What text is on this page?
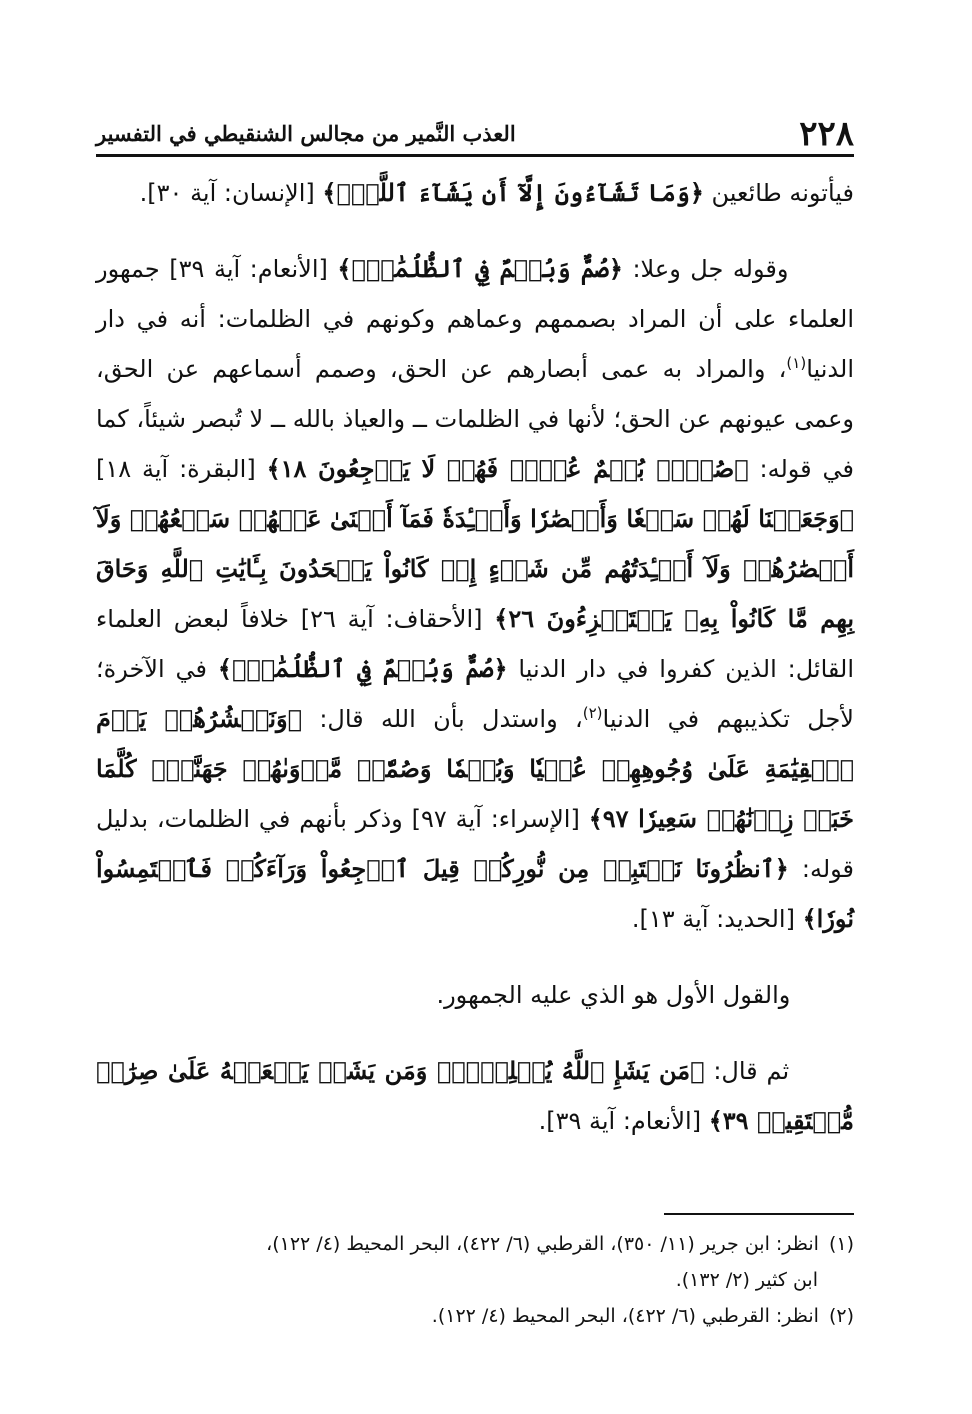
٢٢٨
العذب النَّمير من مجالس الشنقيطي في التفسير

فيأتونه طائعين ﴿وَمَا تَشَآءُونَ إِلَّآ أَن يَشَآءَ ٱللَّهُۚ﴾ [الإنسان: آية ٣٠].

وقوله جل وعلا: ﴿صُمٌّ وَبُكۡمٌ فِي ٱلظُّلُمَٰتِۗ﴾ [الأنعام: آية ٣٩] جمهور العلماء على أن المراد بصممهم وعماهم وكونهم في الظلمات: أنه في دار الدنيا$^{(١)}$، والمراد به عمى أبصارهم عن الحق، وصمم أسماعهم عن الحق، وعمى عيونهم عن الحق؛ لأنها في الظلمات ــ والعياذ بالله ــ لا تُبصر شيئاً، كما في قوله: ﴿صُمُّۢ بُكۡمٌ عُمۡيٞ فَهُمۡ لَا يَرۡجِعُونَ ١٨﴾ [البقرة: آية ١٨] ﴿وَجَعَلۡنَا لَهُمۡ سَمۡعٗا وَأَبۡصَٰرٗا وَأَفۡـِٔدَةٗ فَمَآ أَغۡنَىٰ عَنۡهُمۡ سَمۡعُهُمۡ وَلَآ أَبۡصَٰرُهُمۡ وَلَآ أَفۡـِٔدَتُهُم مِّن شَيۡءٍ إِذۡ كَانُواْ يَجۡحَدُونَ بِـَٔايَٰتِ ٱللَّهِ وَحَاقَ بِهِم مَّا كَانُواْ بِهِۦ يَسۡتَهۡزِءُونَ ٢٦﴾ [الأحقاف: آية ٢٦] خلافاً لبعض العلماء القائل: الذين كفروا في دار الدنيا ﴿صُمٌّ وَبُكۡمٌ فِي ٱلظُّلُمَٰتِۗ﴾ في الآخرة؛ لأجل تكذيبهم في الدنيا$^{(٢)}$، واستدل بأن الله قال: ﴿وَنَحۡشُرُهُمۡ يَوۡمَ ٱلۡقِيَٰمَةِ عَلَىٰ وُجُوهِهِمۡ عُمۡيٗا وَبُكۡمٗا وَصُمّٗاۖ مَّأۡوَىٰهُمۡ جَهَنَّمُۖ كُلَّمَا خَبَتۡ زِدۡنَٰهُمۡ سَعِيرٗا ٩٧﴾ [الإسراء: آية ٩٧] وذكر بأنهم في الظلمات، بدليل قوله: ﴿ٱنظُرُونَا نَقۡتَبِسۡ مِن نُّورِكُمۡ قِيلَ ٱرۡجِعُواْ وَرَآءَكُمۡ فَٱلۡتَمِسُواْ نُورٗا﴾ [الحديد: آية ١٣].

والقول الأول هو الذي عليه الجمهور.

ثم قال: ﴿مَن يَشَإِ ٱللَّهُ يُضۡلِلۡهُۚ وَمَن يَشَأۡ يَجۡعَلۡهُ عَلَىٰ صِرَٰطٖ مُّسۡتَقِيمٖ ٣٩﴾ [الأنعام: آية ٣٩].

(١)انظر: ابن جرير (١١/ ٣٥٠)، القرطبي (٦/ ٤٢٢)، البحر المحيط (٤/ ١٢٢)،

ابن كثير (٢/ ١٣٢).

(٢)انظر: القرطبي (٦/ ٤٢٢)، البحر المحيط (٤/ ١٢٢).
